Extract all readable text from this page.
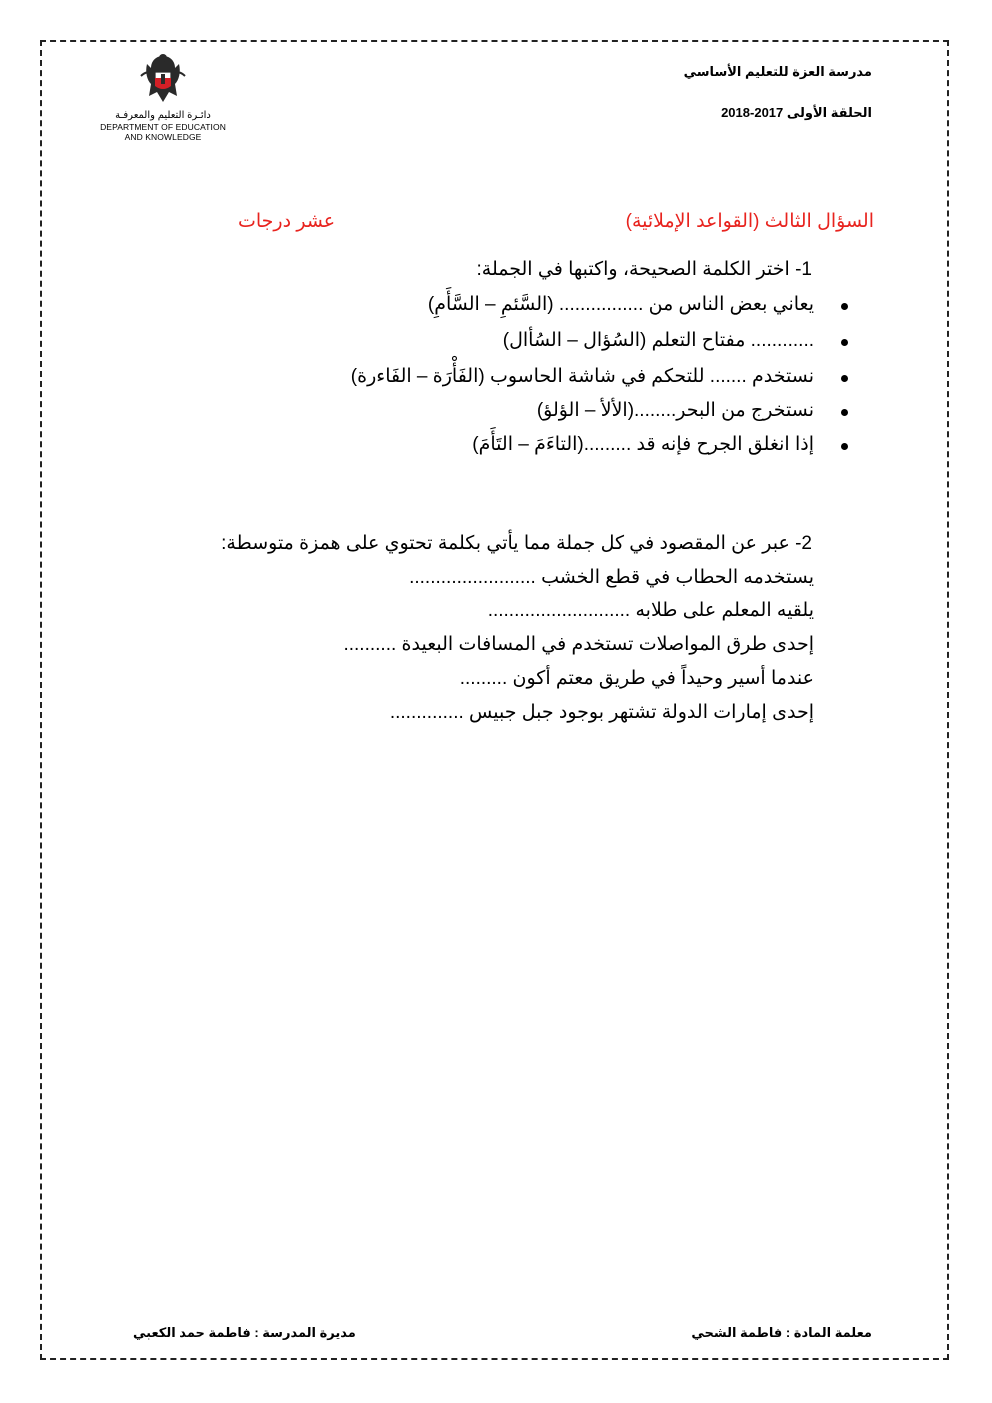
دائـرة التعليم والمعرفـة
DEPARTMENT OF EDUCATION
AND KNOWLEDGE
مدرسة العزة للتعليم الأساسي
الحلقة الأولى 2017-2018
السؤال الثالث (القواعد الإملائية)
عشر درجات
1- اختر الكلمة الصحيحة، واكتبها في الجملة:
يعاني بعض الناس من ................ (السَّئمِ – السَّأَمِ)
............ مفتاح التعلم (السُؤال – السُأال)
نستخدم ....... للتحكم في شاشة الحاسوب (الفَأْرَة – الفَاءرة)
نستخرج من البحر........(الألأ – الؤلؤ)
إذا انغلق الجرح فإنه قد .........(التاءَمَ – التَأَمَ)
2- عبر عن المقصود في كل جملة مما يأتي بكلمة تحتوي على همزة متوسطة:
يستخدمه الحطاب في قطع الخشب ........................
يلقيه المعلم على طلابه ...........................
إحدى طرق المواصلات تستخدم في المسافات البعيدة ..........
عندما أسير وحيداً في طريق معتم أكون .........
إحدى إمارات الدولة تشتهر بوجود جبل جبيس ..............
معلمة المادة : فاطمة الشحي
مديرة المدرسة : فاطمة حمد الكعبي
